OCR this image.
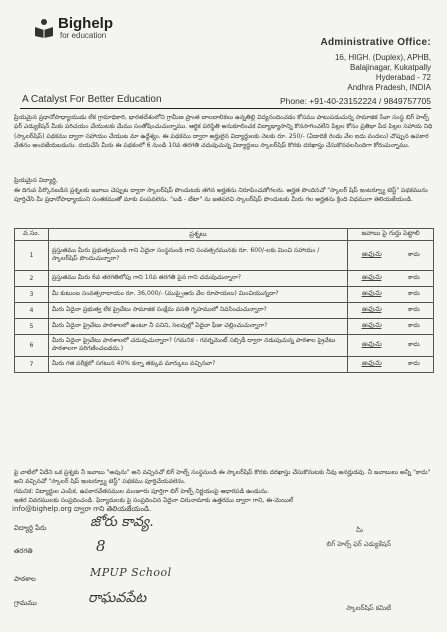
Bighelp
for education
A Catalyst For Better Education
Administrative Office:
16, HIGH. (Duplex), APHB,
Balajinagar, Kukatpally
Hyderabad - 72
Andhra Pradesh, INDIA
Phone: +91-40-23152224 / 9849757705
ప్రియమైన ప్రధానోపాధ్యాయుడు లేక గ్రామాధికారి, భారతదేశంలోని గ్రామీణ ప్రాంత బాలబాలికలు ఉన్నతిల్లి విద్యనందించడం కోసము పాటుపడుచున్న సామాజిక సేవా సంస్థ బిగ్ హెల్ప్ ఫర్ ఎడ్యుకేషన్ మీకు పరిచయం చేయుటకు మేము సంతోషించుచున్నాము. ఆర్థిక పరిస్థితి అనుకూలించక విద్యాభ్యాసాన్ని కొనసాగించలేని పిల్లల కోసం ప్రతిభా పేద పిల్లల సహాయ నిధి (స్కాలర్‌షిప్) పథకము ద్వారా సహాయం చేయుట మా ఉద్దేశ్యం. ఈ పథకము ద్వారా అర్హులైన విద్యార్థులకు నెలకు రూ. 250/- (ఏడాదికి రెండు వేల ఐదు వందలు) చొప్పున ఉపకార వేతనం అందజేయబడును. దయచేసి మీరు ఈ పథకంలో 6 నుండి 10వ తరగతి చదువుచున్న విద్యార్థులు స్కాలర్‌షిప్ కొరకు దరఖాస్తు చేసుకొనవలసిందిగా కోరుచున్నాము.
ప్రియమైన విద్యార్థి,
ఈ దిగువ పేర్కొనబడిన ప్రశ్నలకు జవాబు చెప్పుట ద్వారా స్కాలర్‌షిప్ పొందుటకు తగిన అర్హతను నిరూపించుకోగలరు. అర్హత పొందినచో "స్కాలర్‌ షిప్ ఇంటర్వ్యూ టెస్ట్" పథకమును పూర్తిచేసి మీ ప్రధానోపాధ్యాయుని సంతకముతో మాకు పంపవలెను. "బడి - బేటా" ను జతపరచి స్కాలర్‌షిప్ పొందుటకు మీరు గల అర్హతను క్రింది విధముగా తెలియజేయండి.
వ.సం.	ప్రశ్నలు	జవాబు పై గుర్తు పెట్టాలి
1	ప్రస్తుతము మీరు ప్రభుత్వముండి గాని ఏదైనా సంస్థనుండి గాని సంవత్సరమునకు రూ. 600/-లకు మించి సహాయం / స్కాలర్‌షిప్ పొందుచున్నారా?	అవును కాదు

2	ప్రస్తుతము మీరు 6వ తరగతిలోపు గాని 10వ తరగతి పైన గాని చదువుచున్నారా?	అవును కాదు

3	మీ కుటుంబ సంవత్సరాదాయం రూ. 36,000/- (ముప్పైఆరు వేల రూపాయలు) మించియున్నదా?	అవును కాదు

4	మీరు ఏదైనా ప్రభుత్వ లేక ప్రైవేటు సామాజిక సంక్షేమ వసతి గృహములో నివసించుచున్నారా?	అవును కాదు

5	మీరు ఏదైనా ప్రైవేటు పాఠశాలలో ఉంటూ నీ పనిని, సెలవుల్లో ఏదైనా ఫీజు చెల్లించుచున్నారా?	అవును కాదు

6	మీరు ఏదైనా ప్రైవేటు పాఠశాలలో చదువుచున్నారా? (గమనిక - గవర్నమెంట్ సబ్సిడీ ద్వారా నడుపుచున్న పాఠశాల ప్రైవేటు పాఠశాలగా పరిగణించబడదు.)	అవును కాదు

7	మీరు గత పరీక్షలో సగటున 40% కన్నా తక్కువ మార్కులు వచ్చినవా?	అవును కాదు
పై వాటిలో ఏదేని ఒక ప్రశ్నకు నీ జవాబు "అవును" అని వచ్చినచో బిగ్ హెల్ప్ సంస్థనుండి ఈ స్కాలర్‌షిప్ కొరకు దరఖాస్తు చేసుకొనుటకు నీవు అనర్హుడవు. నీ జవాబులు అన్నీ "కాదు" అని వచ్చినచో "స్కాలర్‌ షిప్ ఇంటర్వ్యూ టెస్ట్" పథకము పూర్తిచేయవలెను.
గమనిక: విద్యార్థుల ఎంపిక, ఉపకారవేతనముల మంజూరు పూర్తిగా బిగ్ హెల్ప్ నిర్ణయంపై ఆధారపడి ఉండును.
ఇతర వివరములకు సంప్రదించండి. ఫిర్యాదులకు పై సంప్రదించిన ఏదైనా చిరునామాకు ఉత్తరము ద్వారా గాని, ఈ-మెయిల్
info@bighelp.org ద్వారా గాని తెలియజేయండి.
విద్యార్థి పేరు	జోరు కావ్య.
తరగతి	8
పాఠశాల	MPUP School
గ్రామము	రాఘవపేట
మీ
బిగ్ హెల్ప్ ఫర్ ఎడ్యుకేషన్
స్కాలర్‌షిప్ కమిటీ
